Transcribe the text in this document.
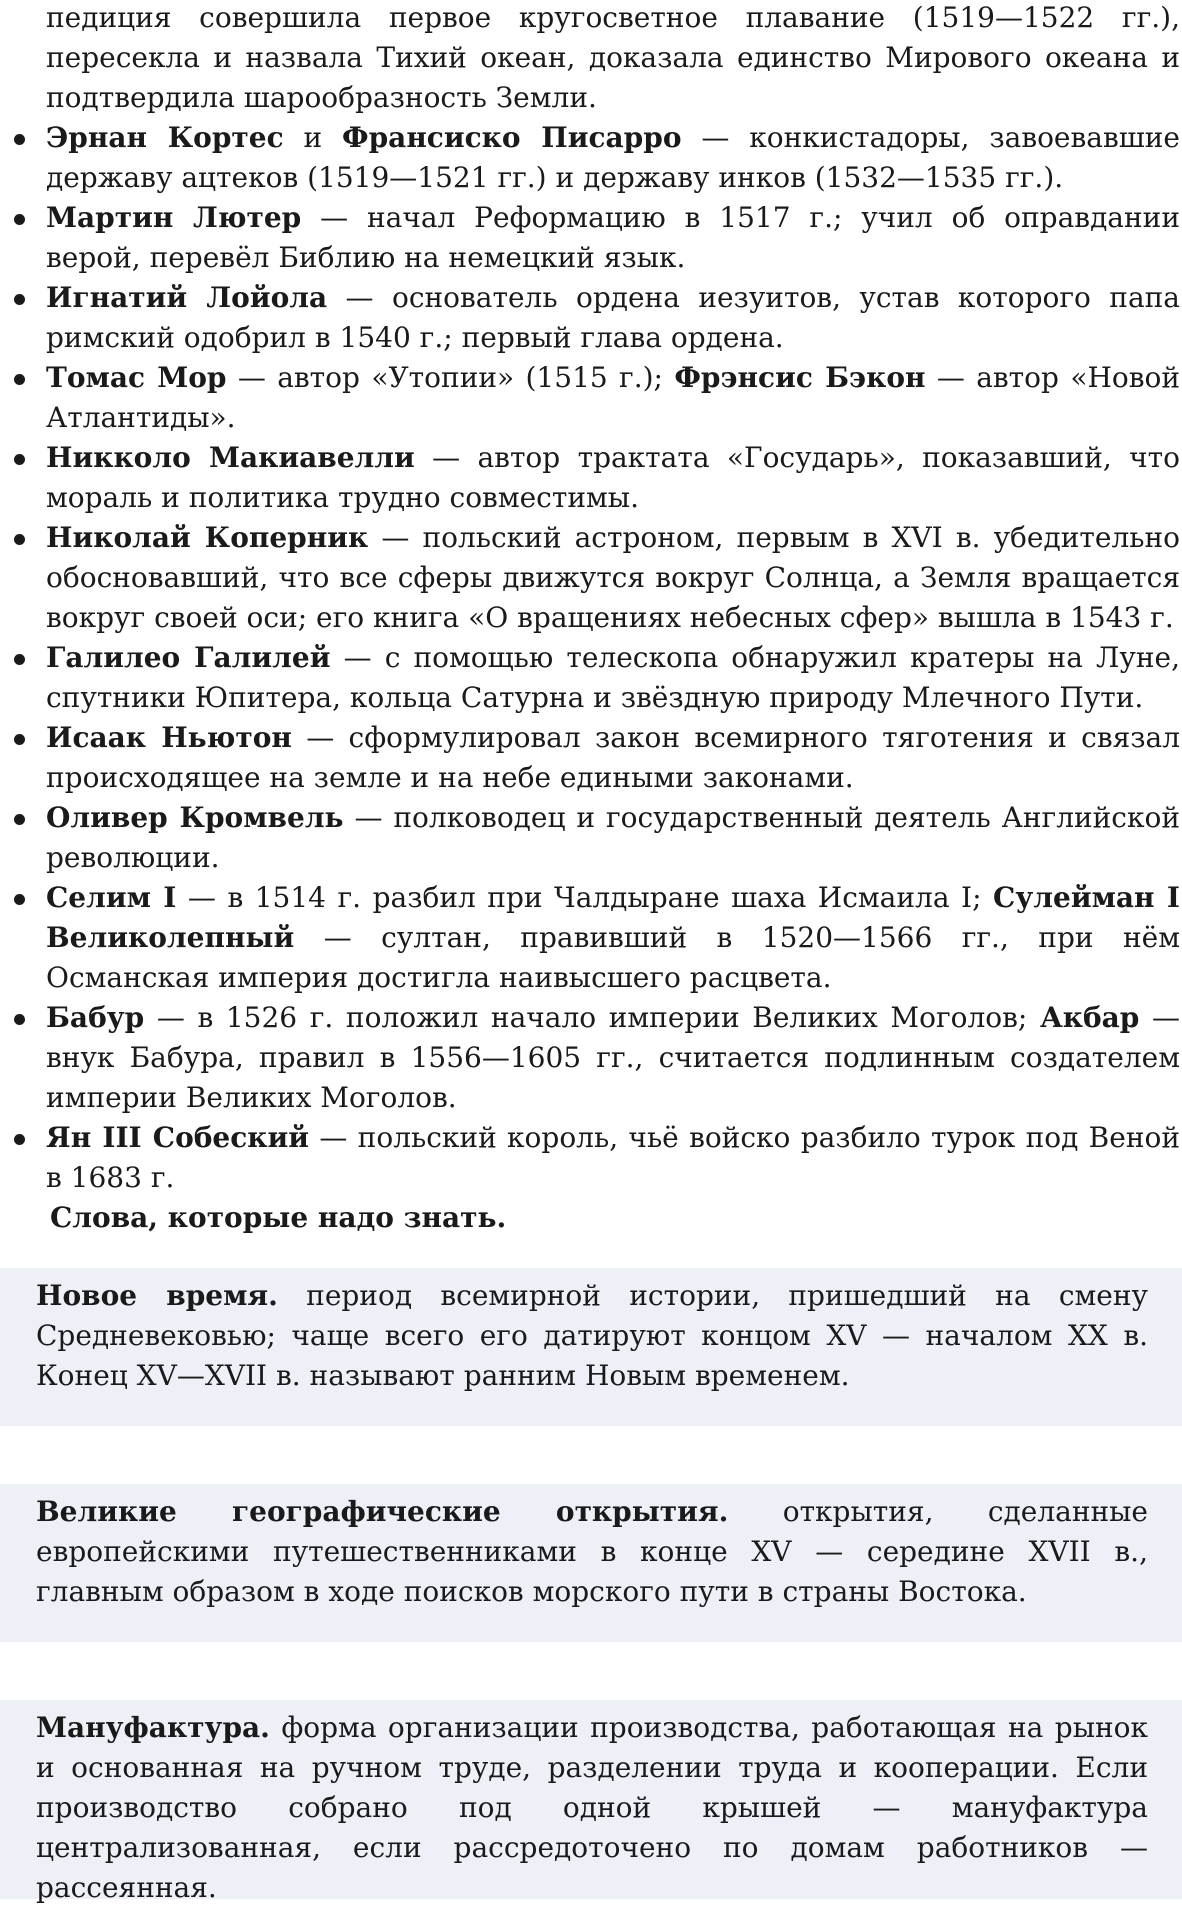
педиция совершила первое кругосветное плавание (1519—1522 гг.), пересекла и назвала Тихий океан, доказала единство Мирового океана и подтвердила шарообразность Земли.
Эрнан Кортес и Франсиско Писарро — конкистадоры, завоевавшие державу ацтеков (1519—1521 гг.) и державу инков (1532—1535 гг.).
Мартин Лютер — начал Реформацию в 1517 г.; учил об оправдании верой, перевёл Библию на немецкий язык.
Игнатий Лойола — основатель ордена иезуитов, устав которого папа римский одобрил в 1540 г.; первый глава ордена.
Томас Мор — автор «Утопии» (1515 г.); Фрэнсис Бэкон — автор «Новой Атлантиды».
Никколо Макиавелли — автор трактата «Государь», показавший, что мораль и политика трудно совместимы.
Николай Коперник — польский астроном, первым в XVI в. убедительно обосновавший, что все сферы движутся вокруг Солнца, а Земля вращается вокруг своей оси; его книга «О вращениях небесных сфер» вышла в 1543 г.
Галилео Галилей — с помощью телескопа обнаружил кратеры на Луне, спутники Юпитера, кольца Сатурна и звёздную природу Млечного Пути.
Исаак Ньютон — сформулировал закон всемирного тяготения и связал происходящее на земле и на небе едиными законами.
Оливер Кромвель — полководец и государственный деятель Английской революции.
Селим I — в 1514 г. разбил при Чалдыране шаха Исмаила I; Сулейман I Великолепный — султан, правивший в 1520—1566 гг., при нём Османская империя достигла наивысшего расцвета.
Бабур — в 1526 г. положил начало империи Великих Моголов; Акбар — внук Бабура, правил в 1556—1605 гг., считается подлинным создателем империи Великих Моголов.
Ян III Собеский — польский король, чьё войско разбило турок под Веной в 1683 г.
Слова, которые надо знать.
Новое время. период всемирной истории, пришедший на смену Средневековью; чаще всего его датируют концом XV — началом XX в. Конец XV—XVII в. называют ранним Новым временем.
Великие географические открытия. открытия, сделанные европейскими путешественниками в конце XV — середине XVII в., главным образом в ходе поисков морского пути в страны Востока.
Мануфактура. форма организации производства, работающая на рынок и основанная на ручном труде, разделении труда и кооперации. Если производство собрано под одной крышей — мануфактура централизованная, если рассредоточено по домам работников — рассеянная.
